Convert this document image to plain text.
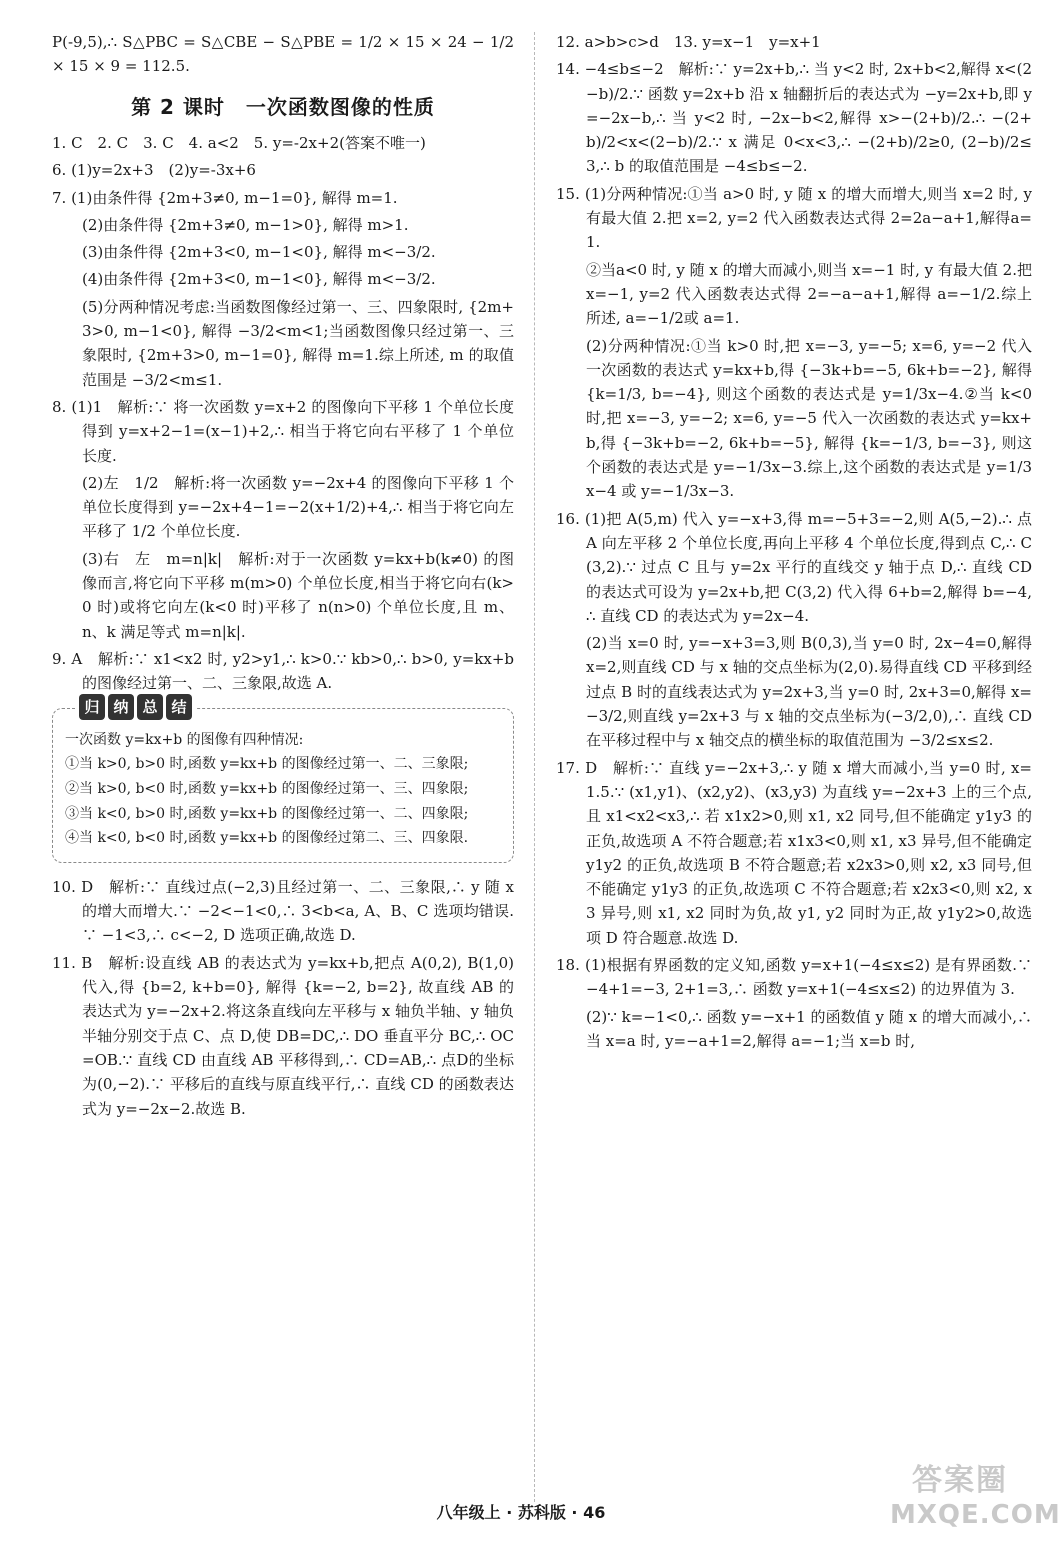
P(-9,5),∴ S△PBC = S△CBE − S△PBE = 1/2 × 15 × 24 − 1/2 × 15 × 9 = 112.5.

第 2 课时　一次函数图像的性质

1. C　2. C　3. C　4. a<2　5. y=-2x+2(答案不唯一)

6. (1)y=2x+3　(2)y=-3x+6

7. (1)由条件得 {2m+3≠0, m−1=0}, 解得 m=1.

(2)由条件得 {2m+3≠0, m−1>0}, 解得 m>1.

(3)由条件得 {2m+3<0, m−1<0}, 解得 m<−3/2.

(4)由条件得 {2m+3<0, m−1<0}, 解得 m<−3/2.

(5)分两种情况考虑:当函数图像经过第一、三、四象限时, {2m+3>0, m−1<0}, 解得 −3/2<m<1;当函数图像只经过第一、三象限时, {2m+3>0, m−1=0}, 解得 m=1.综上所述, m 的取值范围是 −3/2<m≤1.

8. (1)1　解析:∵ 将一次函数 y=x+2 的图像向下平移 1 个单位长度得到 y=x+2−1=(x−1)+2,∴ 相当于将它向右平移了 1 个单位长度.

(2)左　1/2　解析:将一次函数 y=−2x+4 的图像向下平移 1 个单位长度得到 y=−2x+4−1=−2(x+1/2)+4,∴ 相当于将它向左平移了 1/2 个单位长度.

(3)右　左　m=n|k|　解析:对于一次函数 y=kx+b(k≠0) 的图像而言,将它向下平移 m(m>0) 个单位长度,相当于将它向右(k>0 时)或将它向左(k<0 时)平移了 n(n>0) 个单位长度,且 m、n、k 满足等式 m=n|k|.

9. A　解析:∵ x1<x2 时, y2>y1,∴ k>0.∵ kb>0,∴ b>0, y=kx+b 的图像经过第一、二、三象限,故选 A.

归 纳 总 结

一次函数 y=kx+b 的图像有四种情况:

①当 k>0, b>0 时,函数 y=kx+b 的图像经过第一、二、三象限;

②当 k>0, b<0 时,函数 y=kx+b 的图像经过第一、三、四象限;

③当 k<0, b>0 时,函数 y=kx+b 的图像经过第一、二、四象限;

④当 k<0, b<0 时,函数 y=kx+b 的图像经过第二、三、四象限.

10. D　解析:∵ 直线过点(−2,3)且经过第一、二、三象限,∴ y 随 x 的增大而增大.∵ −2<−1<0,∴ 3<b<a, A、B、C 选项均错误.∵ −1<3,∴ c<−2, D 选项正确,故选 D.

11. B　解析:设直线 AB 的表达式为 y=kx+b,把点 A(0,2), B(1,0) 代入,得 {b=2, k+b=0}, 解得 {k=−2, b=2}, 故直线 AB 的表达式为 y=−2x+2.将这条直线向左平移与 x 轴负半轴、y 轴负半轴分别交于点 C、点 D,使 DB=DC,∴ DO 垂直平分 BC,∴ OC=OB.∵ 直线 CD 由直线 AB 平移得到,∴ CD=AB,∴ 点D的坐标为(0,−2).∵ 平移后的直线与原直线平行,∴ 直线 CD 的函数表达式为 y=−2x−2.故选 B.

12. a>b>c>d　13. y=x−1　y=x+1

14. −4≤b≤−2　解析:∵ y=2x+b,∴ 当 y<2 时, 2x+b<2,解得 x<(2−b)/2.∵ 函数 y=2x+b 沿 x 轴翻折后的表达式为 −y=2x+b,即 y=−2x−b,∴ 当 y<2 时, −2x−b<2,解得 x>−(2+b)/2.∴ −(2+b)/2<x<(2−b)/2.∵ x 满足 0<x<3,∴ −(2+b)/2≥0, (2−b)/2≤3,∴ b 的取值范围是 −4≤b≤−2.

15. (1)分两种情况:①当 a>0 时, y 随 x 的增大而增大,则当 x=2 时, y 有最大值 2.把 x=2, y=2 代入函数表达式得 2=2a−a+1,解得a=1.

②当a<0 时, y 随 x 的增大而减小,则当 x=−1 时, y 有最大值 2.把 x=−1, y=2 代入函数表达式得 2=−a−a+1,解得 a=−1/2.综上所述, a=−1/2或 a=1.

(2)分两种情况:①当 k>0 时,把 x=−3, y=−5; x=6, y=−2 代入一次函数的表达式 y=kx+b,得 {−3k+b=−5, 6k+b=−2}, 解得 {k=1/3, b=−4}, 则这个函数的表达式是 y=1/3x−4.②当 k<0 时,把 x=−3, y=−2; x=6, y=−5 代入一次函数的表达式 y=kx+b,得 {−3k+b=−2, 6k+b=−5}, 解得 {k=−1/3, b=−3}, 则这个函数的表达式是 y=−1/3x−3.综上,这个函数的表达式是 y=1/3x−4 或 y=−1/3x−3.

16. (1)把 A(5,m) 代入 y=−x+3,得 m=−5+3=−2,则 A(5,−2).∴ 点 A 向左平移 2 个单位长度,再向上平移 4 个单位长度,得到点 C,∴ C(3,2).∵ 过点 C 且与 y=2x 平行的直线交 y 轴于点 D,∴ 直线 CD 的表达式可设为 y=2x+b,把 C(3,2) 代入得 6+b=2,解得 b=−4,∴ 直线 CD 的表达式为 y=2x−4.

(2)当 x=0 时, y=−x+3=3,则 B(0,3),当 y=0 时, 2x−4=0,解得 x=2,则直线 CD 与 x 轴的交点坐标为(2,0).易得直线 CD 平移到经过点 B 时的直线表达式为 y=2x+3,当 y=0 时, 2x+3=0,解得 x=−3/2,则直线 y=2x+3 与 x 轴的交点坐标为(−3/2,0),∴ 直线 CD 在平移过程中与 x 轴交点的横坐标的取值范围为 −3/2≤x≤2.

17. D　解析:∵ 直线 y=−2x+3,∴ y 随 x 增大而减小,当 y=0 时, x=1.5.∵ (x1,y1)、(x2,y2)、(x3,y3) 为直线 y=−2x+3 上的三个点,且 x1<x2<x3,∴ 若 x1x2>0,则 x1, x2 同号,但不能确定 y1y3 的正负,故选项 A 不符合题意;若 x1x3<0,则 x1, x3 异号,但不能确定 y1y2 的正负,故选项 B 不符合题意;若 x2x3>0,则 x2, x3 同号,但不能确定 y1y3 的正负,故选项 C 不符合题意;若 x2x3<0,则 x2, x3 异号,则 x1, x2 同时为负,故 y1, y2 同时为正,故 y1y2>0,故选项 D 符合题意.故选 D.

18. (1)根据有界函数的定义知,函数 y=x+1(−4≤x≤2) 是有界函数.∵ −4+1=−3, 2+1=3,∴ 函数 y=x+1(−4≤x≤2) 的边界值为 3.

(2)∵ k=−1<0,∴ 函数 y=−x+1 的函数值 y 随 x 的增大而减小,∴ 当 x=a 时, y=−a+1=2,解得 a=−1;当 x=b 时,

八年级上 · 苏科版 · 46
答案圈
MXQE.COM
